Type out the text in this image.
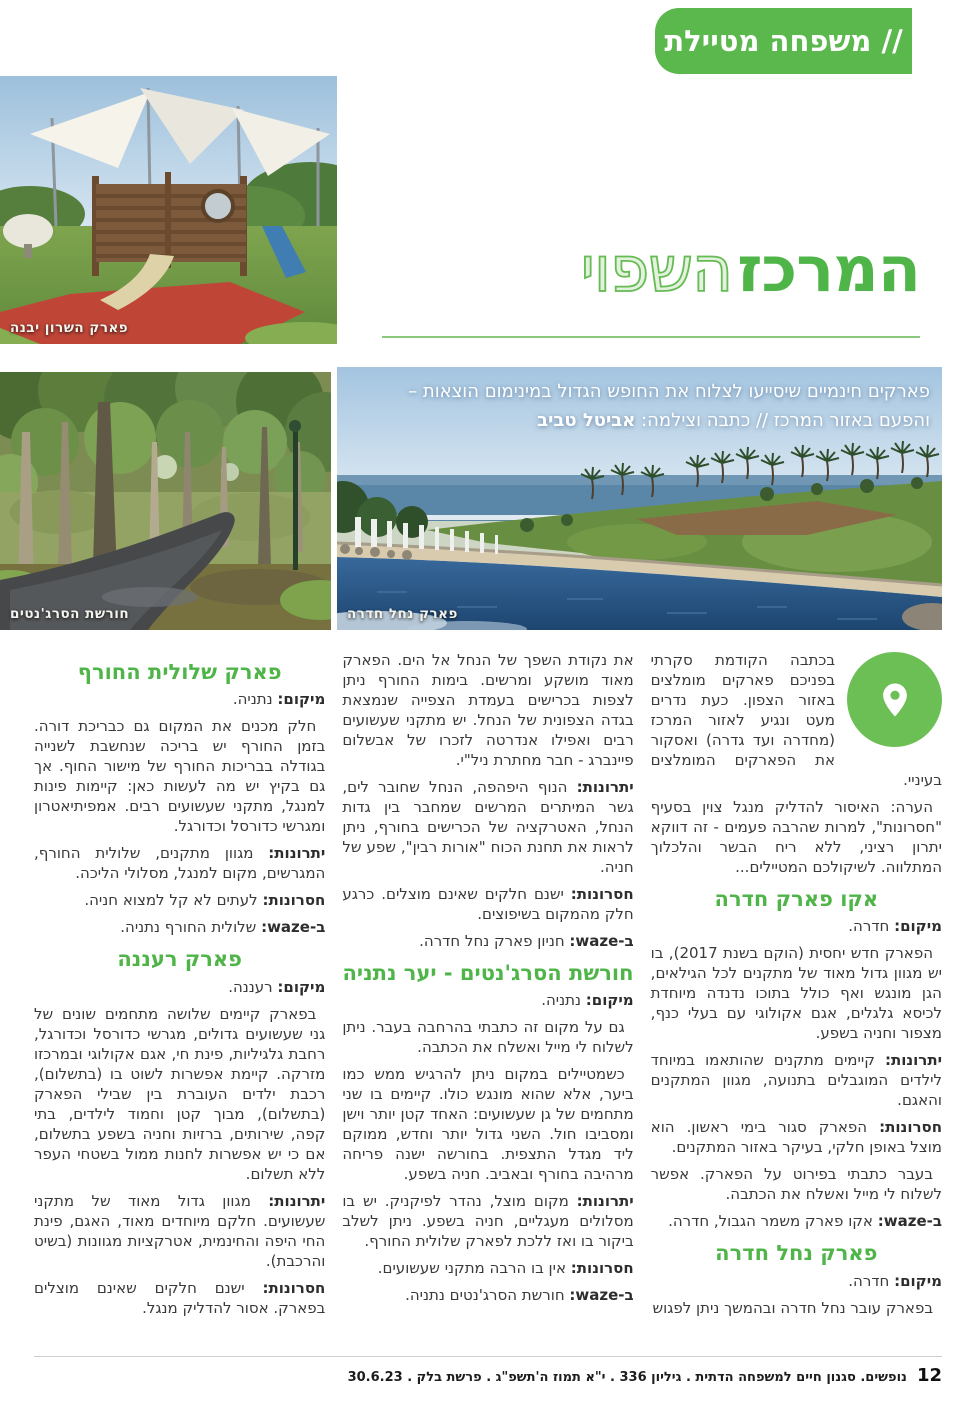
// משפחה מטיילת
פארק השרון יבנה
המרכז השפוי
פארק נחל חדרה
פארקים חינמיים שיסייעו לצלוח את החופש הגדול במינימום הוצאות –
והפעם באזור המרכז // כתבה וצילמה: אביטל טביב
חורשת הסרג'נטים

בכתבה הקודמת סקרתי בפניכם פארקים מומלצים באזור הצפון. כעת נדרים מעט ונגיע לאזור המרכז (מחדרה ועד גדרה) ואסקור את הפארקים המומלצים בעיניי.

הערה: האיסור להדליק מנגל צוין בסעיף "חסרונות", למרות שהרבה פעמים - זה דווקא יתרון רציני, ללא ריח הבשר והלכלוך המתלווה. לשיקולכם המטיילים...

אקו פארק חדרה

מיקום: חדרה.

הפארק חדש יחסית (הוקם בשנת 2017), בו יש מגוון גדול מאוד של מתקנים לכל הגילאים, הגן מונגש ואף כולל בתוכו נדנדה מיוחדת לכיסא גלגלים, אגם אקולוגי עם בעלי כנף, מצפור וחניה בשפע.

יתרונות: קיימים מתקנים שהותאמו במיוחד לילדים המוגבלים בתנועה, מגוון המתקנים והאגם.

חסרונות: הפארק סגור בימי ראשון. הוא מוצל באופן חלקי, בעיקר באזור המתקנים.

בעבר כתבתי בפירוט על הפארק. אפשר לשלוח לי מייל ואשלח את הכתבה.

ב-waze: אקו פארק משמר הגבול, חדרה.

פארק נחל חדרה

מיקום: חדרה.

בפארק עובר נחל חדרה ובהמשך ניתן לפגוש

את נקודת השפך של הנחל אל הים. הפארק מאוד מושקע ומרשים. בימות החורף ניתן לצפות בכרישים בעמדת הצפייה שנמצאת בגדה הצפונית של הנחל. יש מתקני שעשועים רבים ואפילו אנדרטה לזכרו של אבשלום פיינברג - חבר מחתרת ניל"י.

יתרונות: הנוף היפהפה, הנחל שחובר לים, גשר המיתרים המרשים שמחבר בין גדות הנחל, האטרקציה של הכרישים בחורף, ניתן לראות את תחנת הכוח "אורות רבין", שפע של חניה.

חסרונות: ישנם חלקים שאינם מוצלים. כרגע חלק מהמקום בשיפוצים.

ב-waze: חניון פארק נחל חדרה.

חורשת הסרג'נטים - יער נתניה

מיקום: נתניה.

גם על מקום זה כתבתי בהרחבה בעבר. ניתן לשלוח לי מייל ואשלח את הכתבה.

כשמטיילים במקום ניתן להרגיש ממש כמו ביער, אלא שהוא מונגש כולו. קיימים בו שני מתחמים של גן שעשועים: האחד קטן יותר וישן ומסביבו חול. השני גדול יותר וחדש, ממוקם ליד מגדל התצפית. בחורשה ישנה פריחה מרהיבה בחורף ובאביב. חניה בשפע.

יתרונות: מקום מוצל, נהדר לפיקניק. יש בו מסלולים מעגליים, חניה בשפע. ניתן לשלב ביקור בו ואז ללכת לפארק שלולית החורף.

חסרונות: אין בו הרבה מתקני שעשועים.

ב-waze: חורשת הסרג'נטים נתניה.

פארק שלולית החורף

מיקום: נתניה.

חלק מכנים את המקום גם כבריכת דורה. בזמן החורף יש בריכה שנחשבת לשנייה בגודלה בבריכות החורף של מישור החוף. אך גם בקיץ יש מה לעשות כאן: קיימות פינות למנגל, מתקני שעשועים רבים. אמפיתיאטרון ומגרשי כדורסל וכדורגל.

יתרונות: מגוון מתקנים, שלולית החורף, המגרשים, מקום למנגל, מסלולי הליכה.

חסרונות: לעתים לא קל למצוא חניה.

ב-waze: שלולית החורף נתניה.

פארק רעננה

מיקום: רעננה.

בפארק קיימים שלושה מתחמים שונים של גני שעשועים גדולים, מגרשי כדורסל וכדורגל, רחבת גלגיליות, פינת חי, אגם אקולוגי ובמרכזו מזרקה. קיימת אפשרות לשוט בו (בתשלום), רכבת ילדים העוברת בין שבילי הפארק (בתשלום), מבוך קטן וחמוד לילדים, בתי קפה, שירותים, ברזיות וחניה בשפע בתשלום, אם כי יש אפשרות לחנות ממול בשטחי העפר ללא תשלום.

יתרונות: מגוון גדול מאוד של מתקני שעשועים. חלקם מיוחדים מאוד, האגם, פינת החי היפה והחינמית, אטרקציות מגוונות (בשיט והרכבת).

חסרונות: ישנם חלקים שאינם מוצלים בפארק. אסור להדליק מנגל.

12
נופשים. סגנון חיים למשפחה הדתית . גיליון 336 . י"א תמוז ה'תשפ"ג . פרשת בלק . 30.6.23
